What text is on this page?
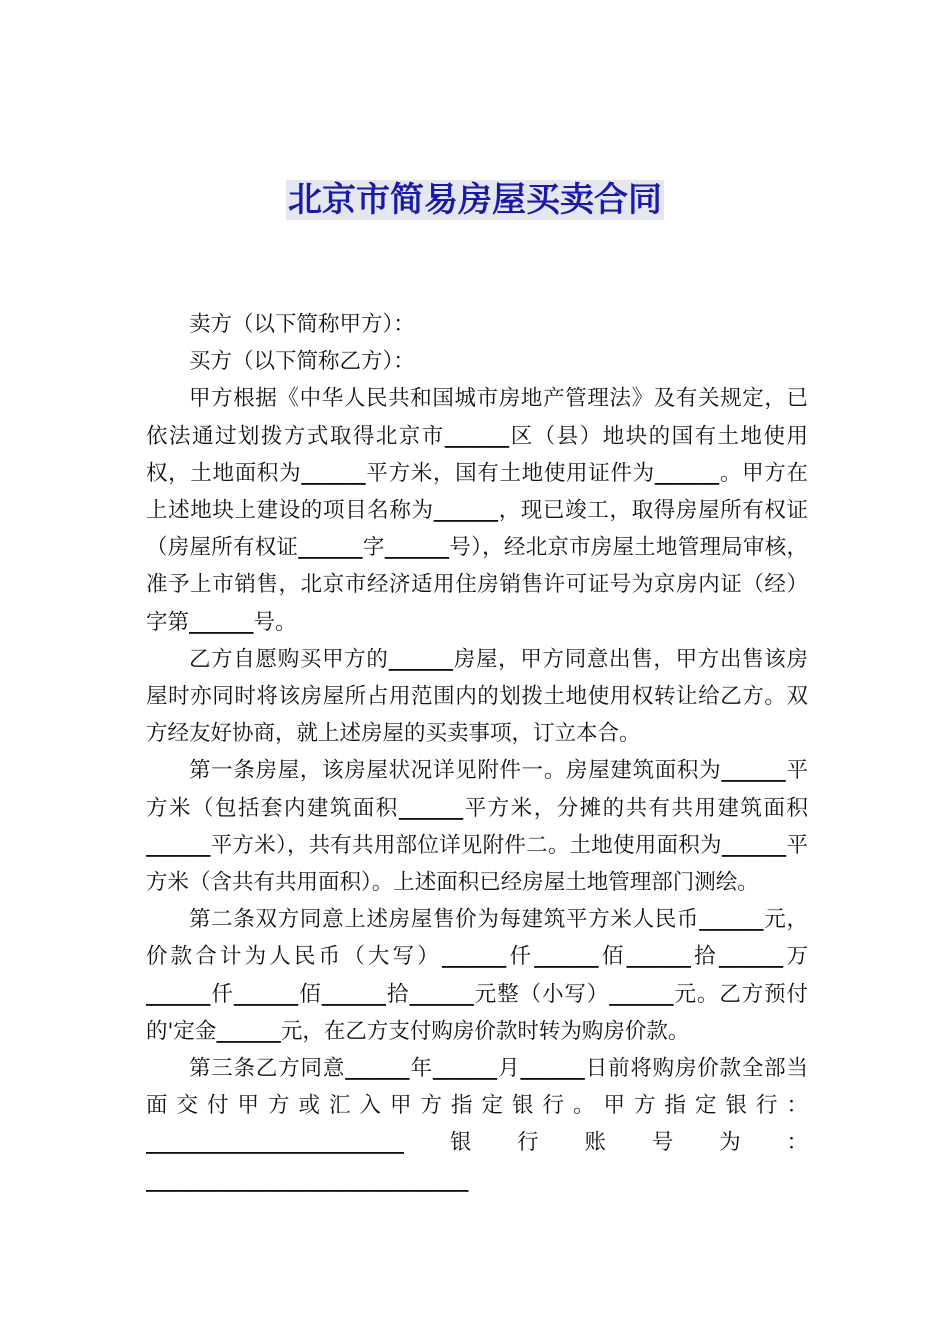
北京市简易房屋买卖合同

卖方（以下简称甲方）：

买方（以下简称乙方）：

甲方根据《中华人民共和国城市房地产管理法》及有关规定，已依法通过划拨方式取得北京市______区（县）地块的国有土地使用权，土地面积为______平方米，国有土地使用证件为______。甲方在上述地块上建设的项目名称为______，现已竣工，取得房屋所有权证（房屋所有权证______字______号），经北京市房屋土地管理局审核，准予上市销售，北京市经济适用住房销售许可证号为京房内证（经）字第______号。

乙方自愿购买甲方的______房屋，甲方同意出售，甲方出售该房屋时亦同时将该房屋所占用范围内的划拨土地使用权转让给乙方。双方经友好协商，就上述房屋的买卖事项，订立本合。

第一条房屋，该房屋状况详见附件一。房屋建筑面积为______平方米（包括套内建筑面积______平方米，分摊的共有共用建筑面积______平方米），共有共用部位详见附件二。土地使用面积为______平方米（含共有共用面积）。上述面积已经房屋土地管理部门测绘。

第二条双方同意上述房屋售价为每建筑平方米人民币______元，价款合计为人民币（大写）______仟______佰______拾______万______仟______佰______拾______元整（小写）______元。乙方预付的'定金______元，在乙方支付购房价款时转为购房价款。

第三条乙方同意______年______月______日前将购房价款全部当面交付甲方或汇入甲方指定银行。甲方指定银行：________________________银行账号为：______________________________
